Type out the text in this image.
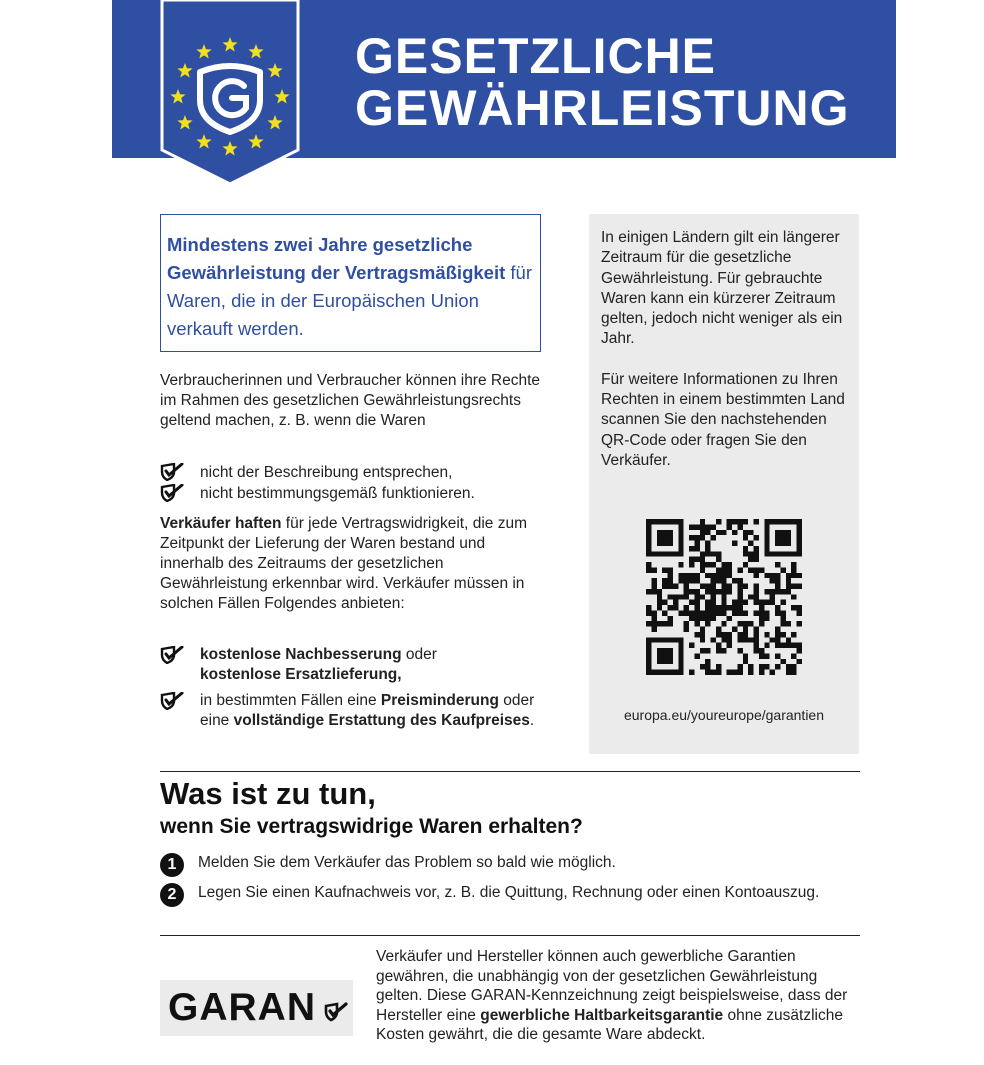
GESETZLICHE
GEWÄHRLEISTUNG

Mindestens zwei Jahre gesetzliche Gewährleistung der Vertragsmäßigkeit für Waren, die in der Europäischen Union verkauft werden.

Verbraucherinnen und Verbraucher können ihre Rechte im Rahmen des gesetzlichen Gewährleistungsrechts geltend machen, z. B. wenn die Waren
nicht der Beschreibung entsprechen,
nicht bestimmungsgemäß funktionieren.
Verkäufer haften für jede Vertragswidrigkeit, die zum Zeitpunkt der Lieferung der Waren bestand und innerhalb des Zeitraums der gesetzlichen Gewährleistung erkennbar wird. Verkäufer müssen in solchen Fällen Folgendes anbieten:
kostenlose Nachbesserung oder
kostenlose Ersatzlieferung,
in bestimmten Fällen eine Preisminderung oder eine vollständige Erstattung des Kaufpreises.

In einigen Ländern gilt ein längerer Zeitraum für die gesetzliche Gewährleistung. Für gebrauchte Waren kann ein kürzerer Zeitraum gelten, jedoch nicht weniger als ein Jahr.

Für weitere Informationen zu Ihren Rechten in einem bestimmten Land scannen Sie den nachstehenden QR-Code oder fragen Sie den Verkäufer.

europa.eu/youreurope/garantien
Was ist zu tun,
wenn Sie vertragswidrige Waren erhalten?
1	Melden Sie dem Verkäufer das Problem so bald wie möglich.
2	Legen Sie einen Kaufnachweis vor, z. B. die Quittung, Rechnung oder einen Kontoauszug.
GARAN
Verkäufer und Hersteller können auch gewerbliche Garantien gewähren, die unabhängig von der gesetzlichen Gewährleistung gelten. Diese GARAN-Kennzeichnung zeigt beispielsweise, dass der Hersteller eine gewerbliche Haltbarkeitsgarantie ohne zusätzliche Kosten gewährt, die die gesamte Ware abdeckt.
